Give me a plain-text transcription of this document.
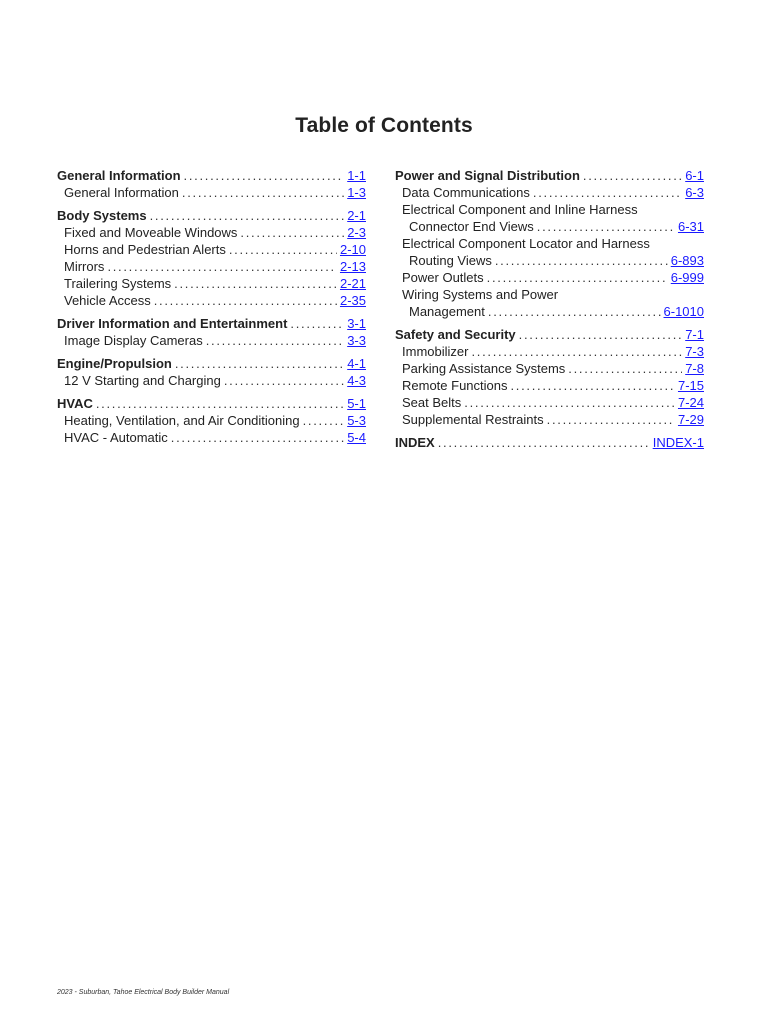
Table of Contents
General Information .....	1-1
General Information .....	1-3
Body Systems .....	2-1
Fixed and Moveable Windows .....	2-3
Horns and Pedestrian Alerts .....	2-10
Mirrors .....	2-13
Trailering Systems .....	2-21
Vehicle Access .....	2-35
Driver Information and Entertainment .....	3-1
Image Display Cameras .....	3-3
Engine/Propulsion .....	4-1
12 V Starting and Charging .....	4-3
HVAC .....	5-1
Heating, Ventilation, and Air Conditioning .....	5-3
HVAC - Automatic .....	5-4
Power and Signal Distribution .....	6-1
Data Communications .....	6-3
Electrical Component and Inline Harness
Connector End Views .....	6-31
Electrical Component Locator and Harness
Routing Views .....	6-893
Power Outlets .....	6-999
Wiring Systems and Power
Management .....	6-1010
Safety and Security .....	7-1
Immobilizer .....	7-3
Parking Assistance Systems .....	7-8
Remote Functions .....	7-15
Seat Belts .....	7-24
Supplemental Restraints .....	7-29
INDEX .....	INDEX-1
2023 - Suburban, Tahoe Electrical Body Builder Manual
